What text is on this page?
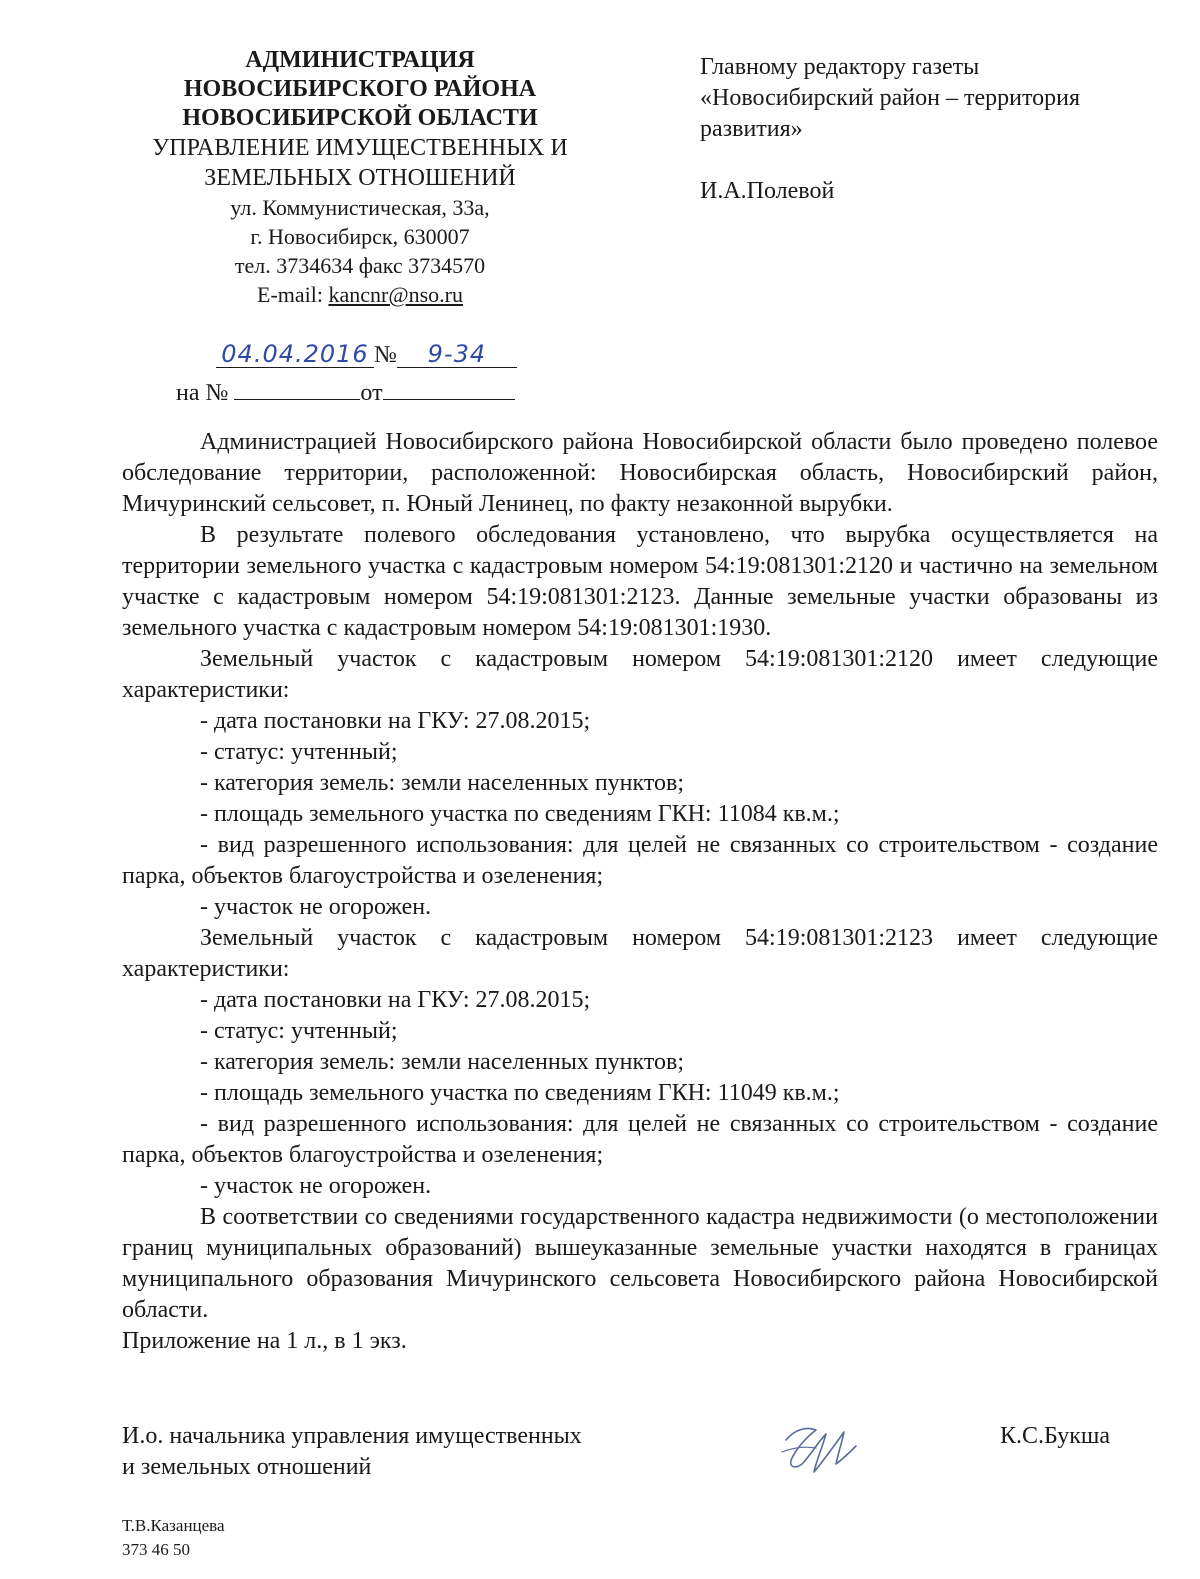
АДМИНИСТРАЦИЯ
НОВОСИБИРСКОГО РАЙОНА
НОВОСИБИРСКОЙ ОБЛАСТИ
УПРАВЛЕНИЕ ИМУЩЕСТВЕННЫХ И
ЗЕМЕЛЬНЫХ ОТНОШЕНИЙ
ул. Коммунистическая, 33а,
г. Новосибирск, 630007
тел. 3734634 факс 3734570
E-mail: kancnr@nso.ru
04.04.2016 № 9-34
на №	от
Главному редактору газеты
«Новосибирский район – территория
развития»
И.А.Полевой

Администрацией Новосибирского района Новосибирской области было проведено полевое обследование территории, расположенной: Новосибирская область, Новосибирский район, Мичуринский сельсовет, п. Юный Ленинец, по факту незаконной вырубки.

В результате полевого обследования установлено, что вырубка осуществляется на территории земельного участка с кадастровым номером 54:19:081301:2120 и частично на земельном участке с кадастровым номером 54:19:081301:2123. Данные земельные участки образованы из земельного участка с кадастровым номером 54:19:081301:1930.

Земельный участок с кадастровым номером 54:19:081301:2120 имеет следующие характеристики:

- дата постановки на ГКУ: 27.08.2015;

- статус: учтенный;

- категория земель: земли населенных пунктов;

- площадь земельного участка по сведениям ГКН: 11084 кв.м.;

- вид разрешенного использования: для целей не связанных со строительством - создание парка, объектов благоустройства и озеленения;

- участок не огорожен.

Земельный участок с кадастровым номером 54:19:081301:2123 имеет следующие характеристики:

- дата постановки на ГКУ: 27.08.2015;

- статус: учтенный;

- категория земель: земли населенных пунктов;

- площадь земельного участка по сведениям ГКН: 11049 кв.м.;

- вид разрешенного использования: для целей не связанных со строительством - создание парка, объектов благоустройства и озеленения;

- участок не огорожен.

В соответствии со сведениями государственного кадастра недвижимости (о местоположении границ муниципальных образований) вышеуказанные земельные участки находятся в границах муниципального образования Мичуринского сельсовета Новосибирского района Новосибирской области.

Приложение на 1 л., в 1 экз.

И.о. начальника управления имущественных
и земельных отношений
К.С.Букша
Т.В.Казанцева
373 46 50
